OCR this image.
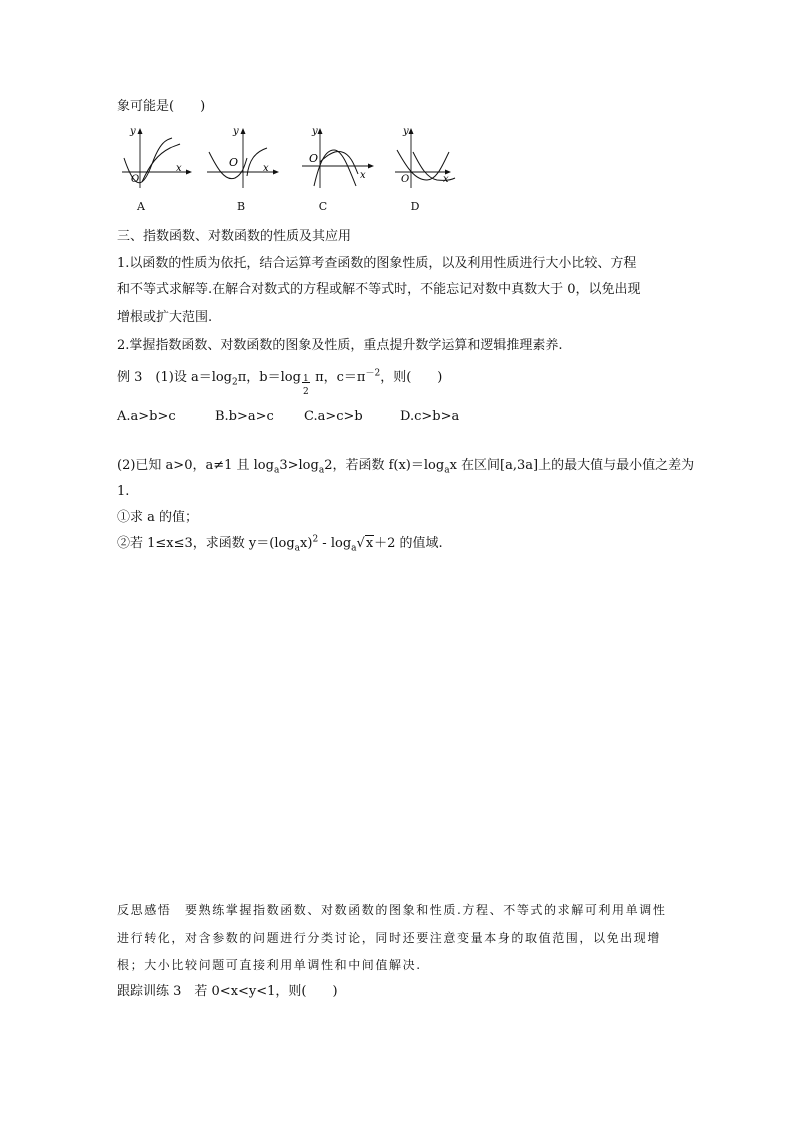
象可能是(　　)
y
O
x
A
y
O x
B
y
O
x
C
y
O	x
D
三、指数函数、对数函数的性质及其应用
1.以函数的性质为依托，结合运算考查函数的图象性质，以及利用性质进行大小比较、方程
和不等式求解等.在解合对数式的方程或解不等式时，不能忘记对数中真数大于 0，以免出现
增根或扩大范围.
2.掌握指数函数、对数函数的图象及性质，重点提升数学运算和逻辑推理素养.
例 3　(1)设 $a=\log_2\pi$，b＝log 1
2
π，$c=\pi^{-2}$，则(　　)
A.a>b>c	B.b>a>c C.a>c>b	D.c>b>a
(2)已知 a>0，a≠1 且 $\log_a3>\log_a2$，若函数 $f(x)=\log_ax$ 在区间[a,3a]上的最大值与最小值之差为
1.
①求 a 的值；
②若 1≤x≤3，求函数 $y=(\log_ax)^2 - \log_a√x+2$ 的值域.
反思感悟　要熟练掌握指数函数、对数函数的图象和性质.方程、不等式的求解可利用单调性
进行转化，对含参数的问题进行分类讨论，同时还要注意变量本身的取值范围，以免出现增
根；大小比较问题可直接利用单调性和中间值解决.
跟踪训练 3　若 0<x<y<1，则(　　)
